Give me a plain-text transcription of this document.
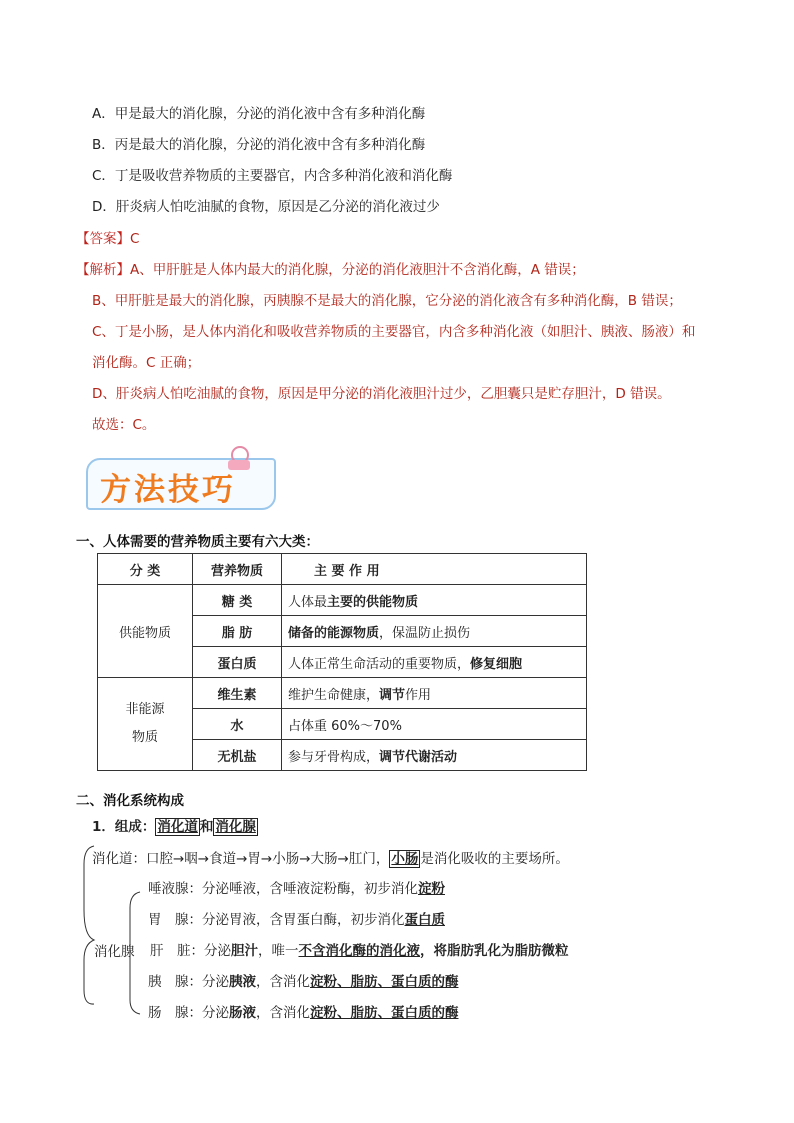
A．甲是最大的消化腺，分泌的消化液中含有多种消化酶
B．丙是最大的消化腺，分泌的消化液中含有多种消化酶
C．丁是吸收营养物质的主要器官，内含多种消化液和消化酶
D．肝炎病人怕吃油腻的食物，原因是乙分泌的消化液过少
【答案】C
【解析】A、甲肝脏是人体内最大的消化腺，分泌的消化液胆汁不含消化酶，A 错误；
B、甲肝脏是最大的消化腺，丙胰腺不是最大的消化腺，它分泌的消化液含有多种消化酶，B 错误；
C、丁是小肠，是人体内消化和吸收营养物质的主要器官，内含多种消化液（如胆汁、胰液、肠液）和
消化酶。C 正确；
D、肝炎病人怕吃油腻的食物，原因是甲分泌的消化液胆汁过少，乙胆囊只是贮存胆汁，D 错误。
故选：C。
方法技巧
一、人体需要的营养物质主要有六大类：
分 类	营养物质	主 要 作 用
供能物质	糖 类	人体最主要的供能物质
	脂 肪	储备的能源物质，保温防止损伤
	蛋白质	人体正常生命活动的重要物质，修复细胞
非能源
物质	维生素	维护生命健康，调节作用
	水	占体重 60%～70%
	无机盐	参与牙骨构成，调节代谢活动
二、消化系统构成
1．组成： 消化道 和 消化腺
消化道：口腔→咽→食道→胃→小肠→大肠→肛门， 小肠 是消化吸收的主要场所。
消化腺
唾液腺：分泌唾液，含唾液淀粉酶，初步消化淀粉
胃　腺：分泌胃液，含胃蛋白酶，初步消化蛋白质
肝　脏：分泌胆汁，唯一不含消化酶的消化液，将脂肪乳化为脂肪微粒
胰　腺：分泌胰液，含消化淀粉、脂肪、蛋白质的酶
肠　腺：分泌肠液，含消化淀粉、脂肪、蛋白质的酶
